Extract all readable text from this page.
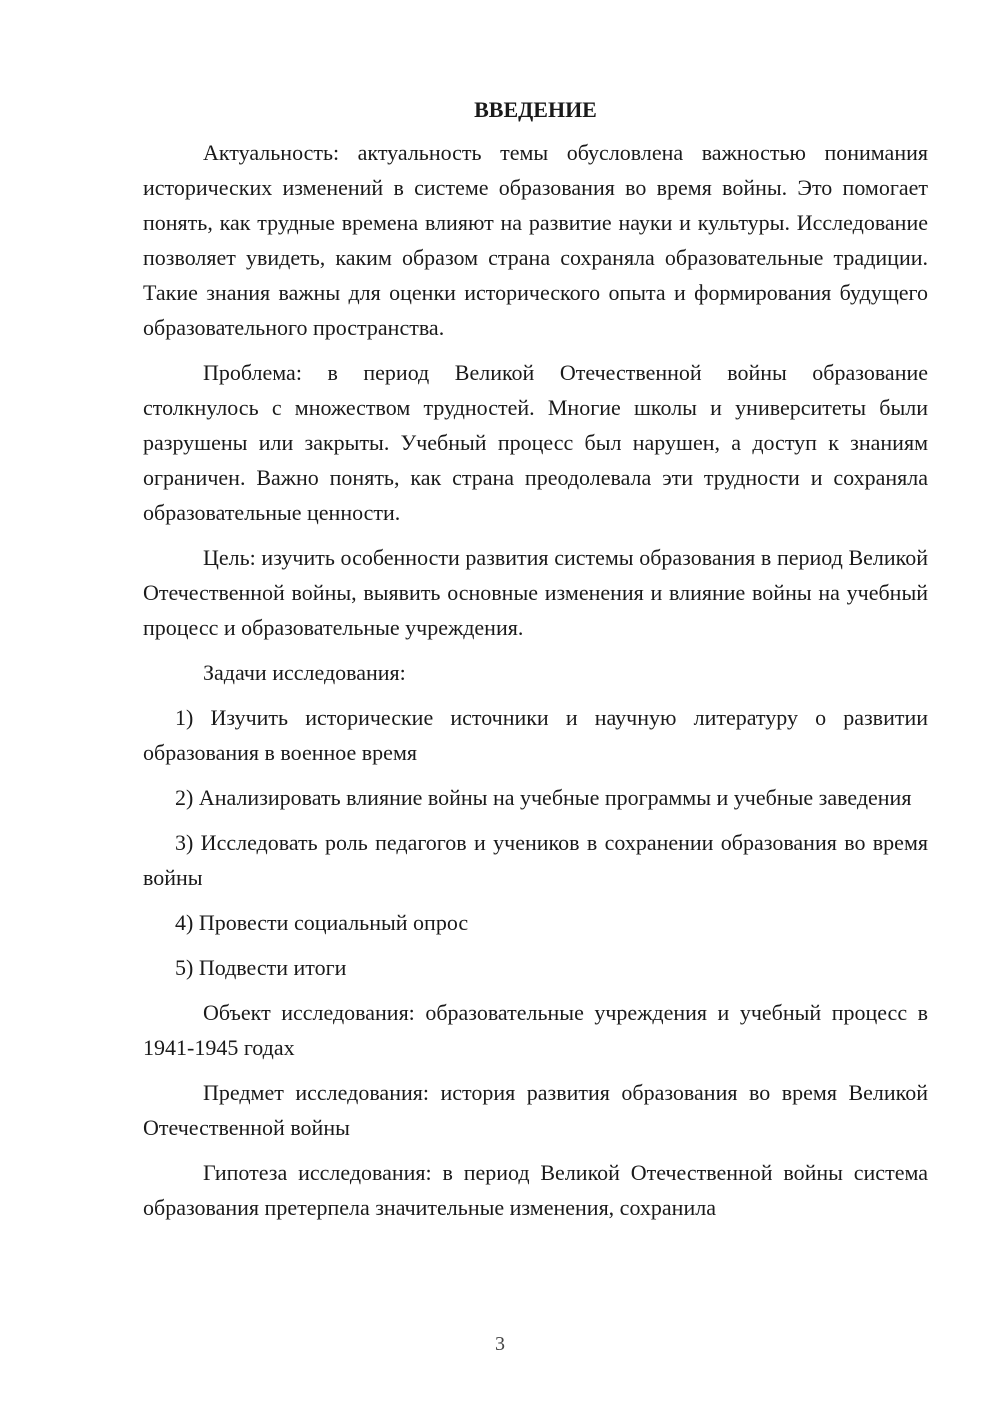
ВВЕДЕНИЕ

Актуальность: актуальность темы обусловлена важностью понимания исторических изменений в системе образования во время войны. Это помогает понять, как трудные времена влияют на развитие науки и культуры. Исследование позволяет увидеть, каким образом страна сохраняла образовательные традиции. Такие знания важны для оценки исторического опыта и формирования будущего образовательного пространства.

Проблема: в период Великой Отечественной войны образование столкнулось с множеством трудностей. Многие школы и университеты были разрушены или закрыты. Учебный процесс был нарушен, а доступ к знаниям ограничен. Важно понять, как страна преодолевала эти трудности и сохраняла образовательные ценности.

Цель: изучить особенности развития системы образования в период Великой Отечественной войны, выявить основные изменения и влияние войны на учебный процесс и образовательные учреждения.

Задачи исследования:

1) Изучить исторические источники и научную литературу о развитии образования в военное время

2) Анализировать влияние войны на учебные программы и учебные заведения

3) Исследовать роль педагогов и учеников в сохранении образования во время войны

4) Провести социальный опрос

5) Подвести итоги

Объект исследования: образовательные учреждения и учебный процесс в 1941-1945 годах

Предмет исследования: история развития образования во время Великой Отечественной войны

Гипотеза исследования: в период Великой Отечественной войны система образования претерпела значительные изменения, сохранила

3
